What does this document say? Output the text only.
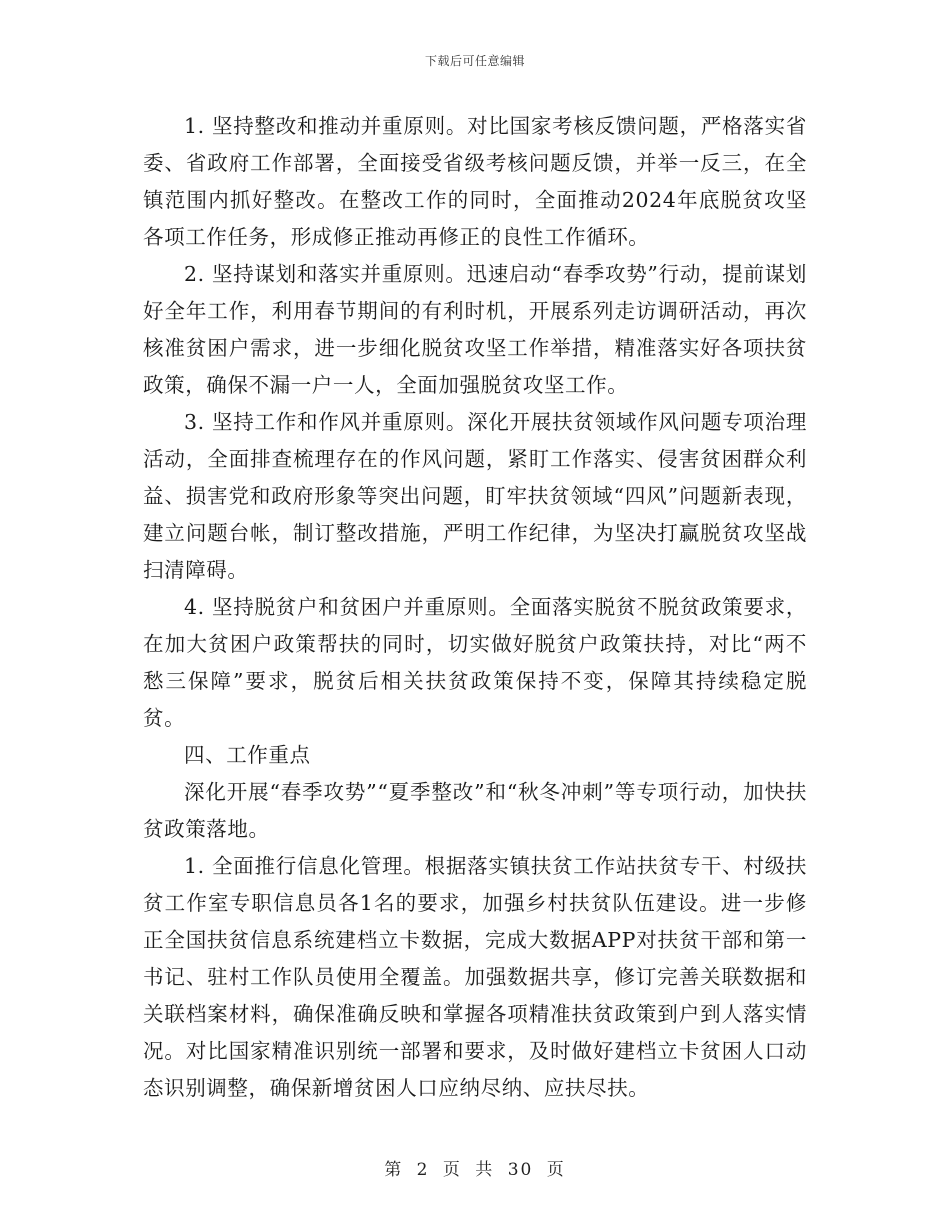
下载后可任意编辑

1. 坚持整改和推动并重原则。对比国家考核反馈问题，严格落实省委、省政府工作部署，全面接受省级考核问题反馈，并举一反三，在全镇范围内抓好整改。在整改工作的同时，全面推动2024年底脱贫攻坚各项工作任务，形成修正推动再修正的良性工作循环。

2. 坚持谋划和落实并重原则。迅速启动“春季攻势”行动，提前谋划好全年工作，利用春节期间的有利时机，开展系列走访调研活动，再次核准贫困户需求，进一步细化脱贫攻坚工作举措，精准落实好各项扶贫政策，确保不漏一户一人，全面加强脱贫攻坚工作。

3. 坚持工作和作风并重原则。深化开展扶贫领域作风问题专项治理活动，全面排查梳理存在的作风问题，紧盯工作落实、侵害贫困群众利益、损害党和政府形象等突出问题，盯牢扶贫领域“四风”问题新表现，建立问题台帐，制订整改措施，严明工作纪律，为坚决打赢脱贫攻坚战扫清障碍。

4. 坚持脱贫户和贫困户并重原则。全面落实脱贫不脱贫政策要求，在加大贫困户政策帮扶的同时，切实做好脱贫户政策扶持，对比“两不愁三保障”要求，脱贫后相关扶贫政策保持不变，保障其持续稳定脱贫。

四、工作重点

深化开展“春季攻势”“夏季整改”和“秋冬冲刺”等专项行动，加快扶贫政策落地。

1. 全面推行信息化管理。根据落实镇扶贫工作站扶贫专干、村级扶贫工作室专职信息员各1名的要求，加强乡村扶贫队伍建设。进一步修正全国扶贫信息系统建档立卡数据，完成大数据APP对扶贫干部和第一书记、驻村工作队员使用全覆盖。加强数据共享，修订完善关联数据和关联档案材料，确保准确反映和掌握各项精准扶贫政策到户到人落实情况。对比国家精准识别统一部署和要求，及时做好建档立卡贫困人口动态识别调整，确保新增贫困人口应纳尽纳、应扶尽扶。

第 2 页 共 30 页
